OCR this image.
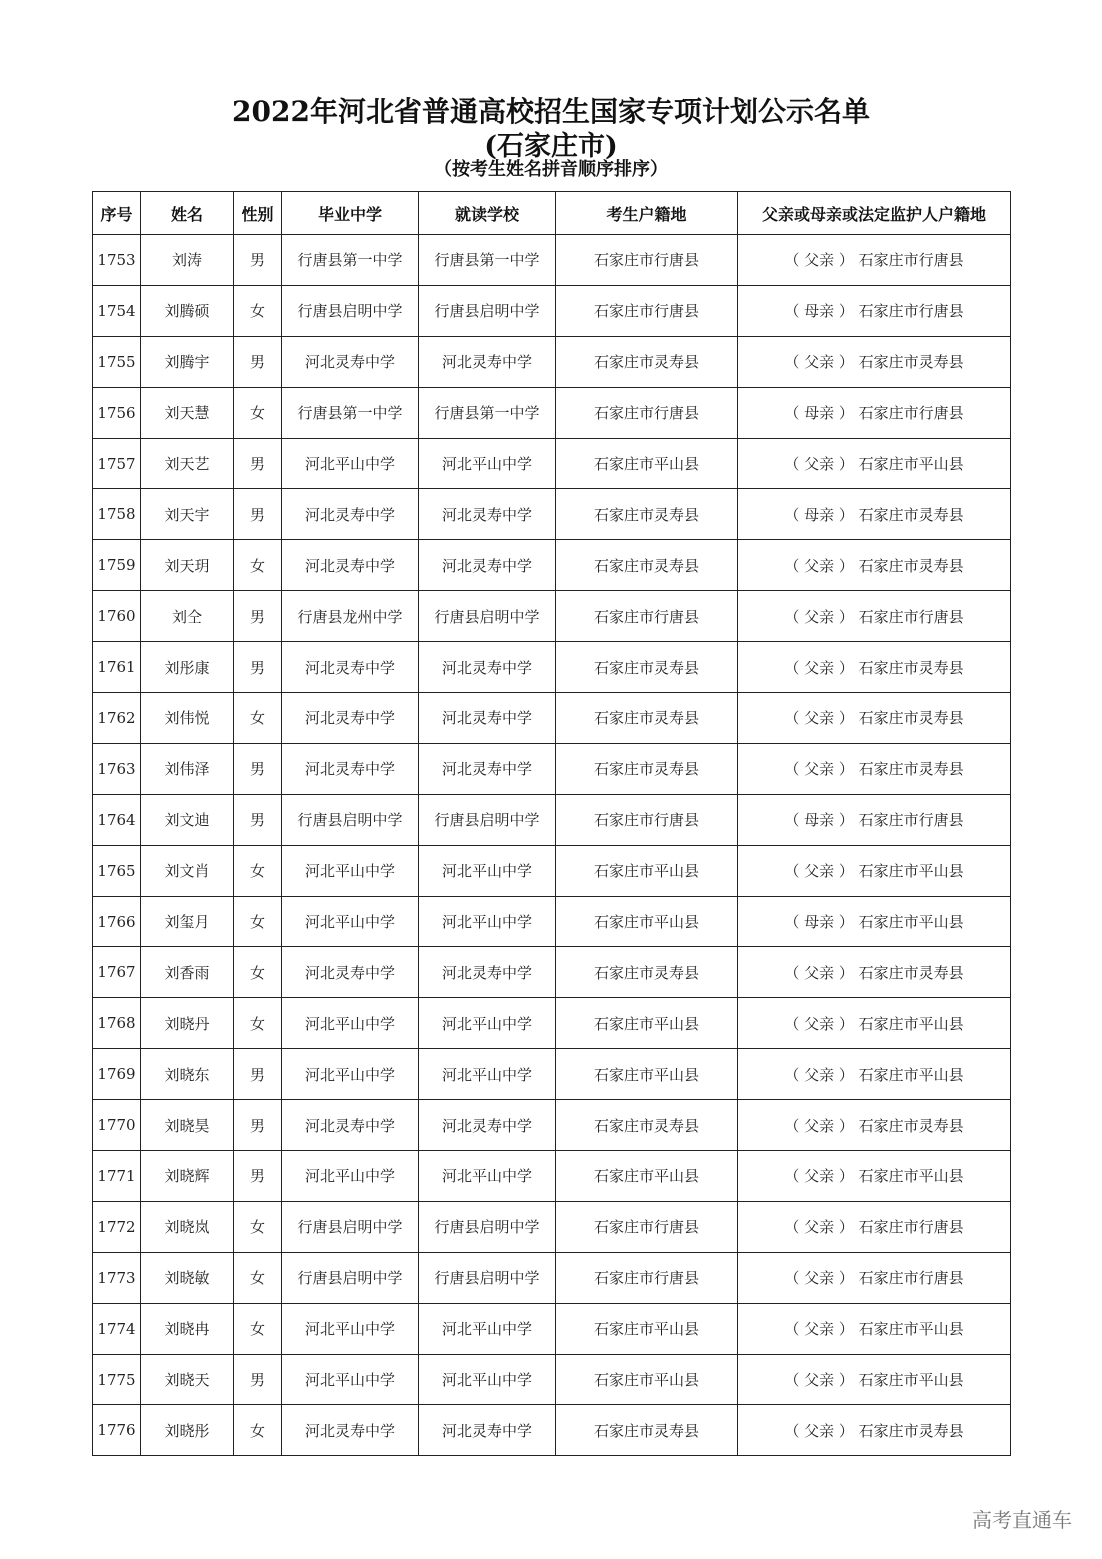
2022年河北省普通高校招生国家专项计划公示名单
(石家庄市)
（按考生姓名拼音顺序排序）
序号	姓名	性别	毕业中学	就读学校	考生户籍地	父亲或母亲或法定监护人户籍地
1753	刘涛	男	行唐县第一中学	行唐县第一中学	石家庄市行唐县	（ 父亲 ） 石家庄市行唐县
1754	刘腾硕	女	行唐县启明中学	行唐县启明中学	石家庄市行唐县	（ 母亲 ） 石家庄市行唐县
1755	刘腾宇	男	河北灵寿中学	河北灵寿中学	石家庄市灵寿县	（ 父亲 ） 石家庄市灵寿县
1756	刘天慧	女	行唐县第一中学	行唐县第一中学	石家庄市行唐县	（ 母亲 ） 石家庄市行唐县
1757	刘天艺	男	河北平山中学	河北平山中学	石家庄市平山县	（ 父亲 ） 石家庄市平山县
1758	刘天宇	男	河北灵寿中学	河北灵寿中学	石家庄市灵寿县	（ 母亲 ） 石家庄市灵寿县
1759	刘天玥	女	河北灵寿中学	河北灵寿中学	石家庄市灵寿县	（ 父亲 ） 石家庄市灵寿县
1760	刘仝	男	行唐县龙州中学	行唐县启明中学	石家庄市行唐县	（ 父亲 ） 石家庄市行唐县
1761	刘彤康	男	河北灵寿中学	河北灵寿中学	石家庄市灵寿县	（ 父亲 ） 石家庄市灵寿县
1762	刘伟悦	女	河北灵寿中学	河北灵寿中学	石家庄市灵寿县	（ 父亲 ） 石家庄市灵寿县
1763	刘伟泽	男	河北灵寿中学	河北灵寿中学	石家庄市灵寿县	（ 父亲 ） 石家庄市灵寿县
1764	刘文迪	男	行唐县启明中学	行唐县启明中学	石家庄市行唐县	（ 母亲 ） 石家庄市行唐县
1765	刘文肖	女	河北平山中学	河北平山中学	石家庄市平山县	（ 父亲 ） 石家庄市平山县
1766	刘玺月	女	河北平山中学	河北平山中学	石家庄市平山县	（ 母亲 ） 石家庄市平山县
1767	刘香雨	女	河北灵寿中学	河北灵寿中学	石家庄市灵寿县	（ 父亲 ） 石家庄市灵寿县
1768	刘晓丹	女	河北平山中学	河北平山中学	石家庄市平山县	（ 父亲 ） 石家庄市平山县
1769	刘晓东	男	河北平山中学	河北平山中学	石家庄市平山县	（ 父亲 ） 石家庄市平山县
1770	刘晓昊	男	河北灵寿中学	河北灵寿中学	石家庄市灵寿县	（ 父亲 ） 石家庄市灵寿县
1771	刘晓辉	男	河北平山中学	河北平山中学	石家庄市平山县	（ 父亲 ） 石家庄市平山县
1772	刘晓岚	女	行唐县启明中学	行唐县启明中学	石家庄市行唐县	（ 父亲 ） 石家庄市行唐县
1773	刘晓敏	女	行唐县启明中学	行唐县启明中学	石家庄市行唐县	（ 父亲 ） 石家庄市行唐县
1774	刘晓冉	女	河北平山中学	河北平山中学	石家庄市平山县	（ 父亲 ） 石家庄市平山县
1775	刘晓天	男	河北平山中学	河北平山中学	石家庄市平山县	（ 父亲 ） 石家庄市平山县
1776	刘晓彤	女	河北灵寿中学	河北灵寿中学	石家庄市灵寿县	（ 父亲 ） 石家庄市灵寿县
高考直通车
